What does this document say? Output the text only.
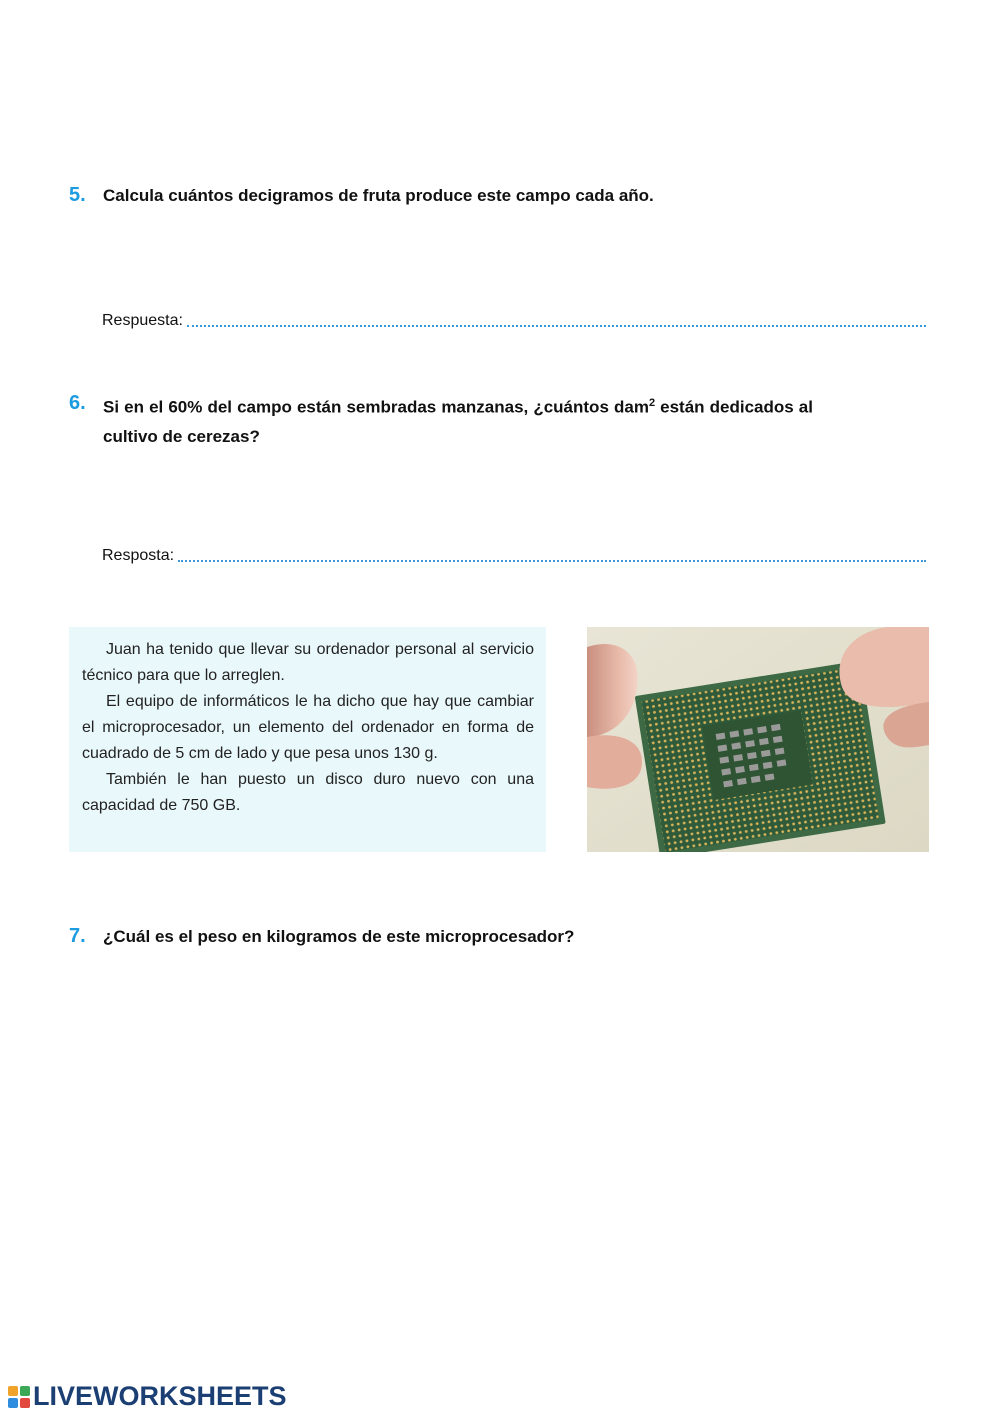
5.	Calcula cuántos decigramos de fruta produce este campo cada año.
Respuesta:
6.	Si en el 60% del campo están sembradas manzanas, ¿cuántos dam$^2$ están dedicados al cultivo de cerezas?
Resposta:

Juan ha tenido que llevar su ordenador personal al servicio técnico para que lo arreglen.

El equipo de informáticos le ha dicho que hay que cambiar el microprocesador, un elemento del ordenador en forma de cuadrado de 5 cm de lado y que pesa unos 130 g.

También le han puesto un disco duro nuevo con una capacidad de 750 GB.

7.	¿Cuál es el peso en kilogramos de este microprocesador?
LIVEWORKSHEETS
